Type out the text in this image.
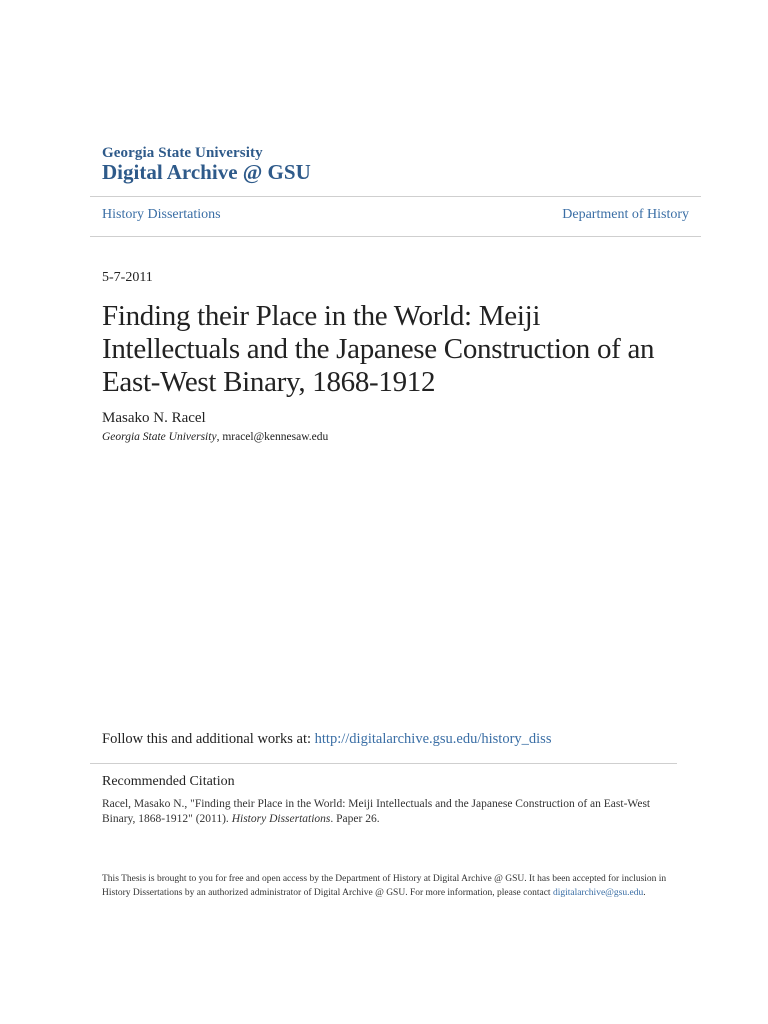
Georgia State University
Digital Archive @ GSU
History Dissertations	Department of History
5-7-2011
Finding their Place in the World: Meiji Intellectuals and the Japanese Construction of an East-West Binary, 1868-1912
Masako N. Racel
Georgia State University, mracel@kennesaw.edu
Follow this and additional works at: http://digitalarchive.gsu.edu/history_diss
Recommended Citation
Racel, Masako N., "Finding their Place in the World: Meiji Intellectuals and the Japanese Construction of an East-West Binary, 1868-1912" (2011). History Dissertations. Paper 26.
This Thesis is brought to you for free and open access by the Department of History at Digital Archive @ GSU. It has been accepted for inclusion in History Dissertations by an authorized administrator of Digital Archive @ GSU. For more information, please contact digitalarchive@gsu.edu.
